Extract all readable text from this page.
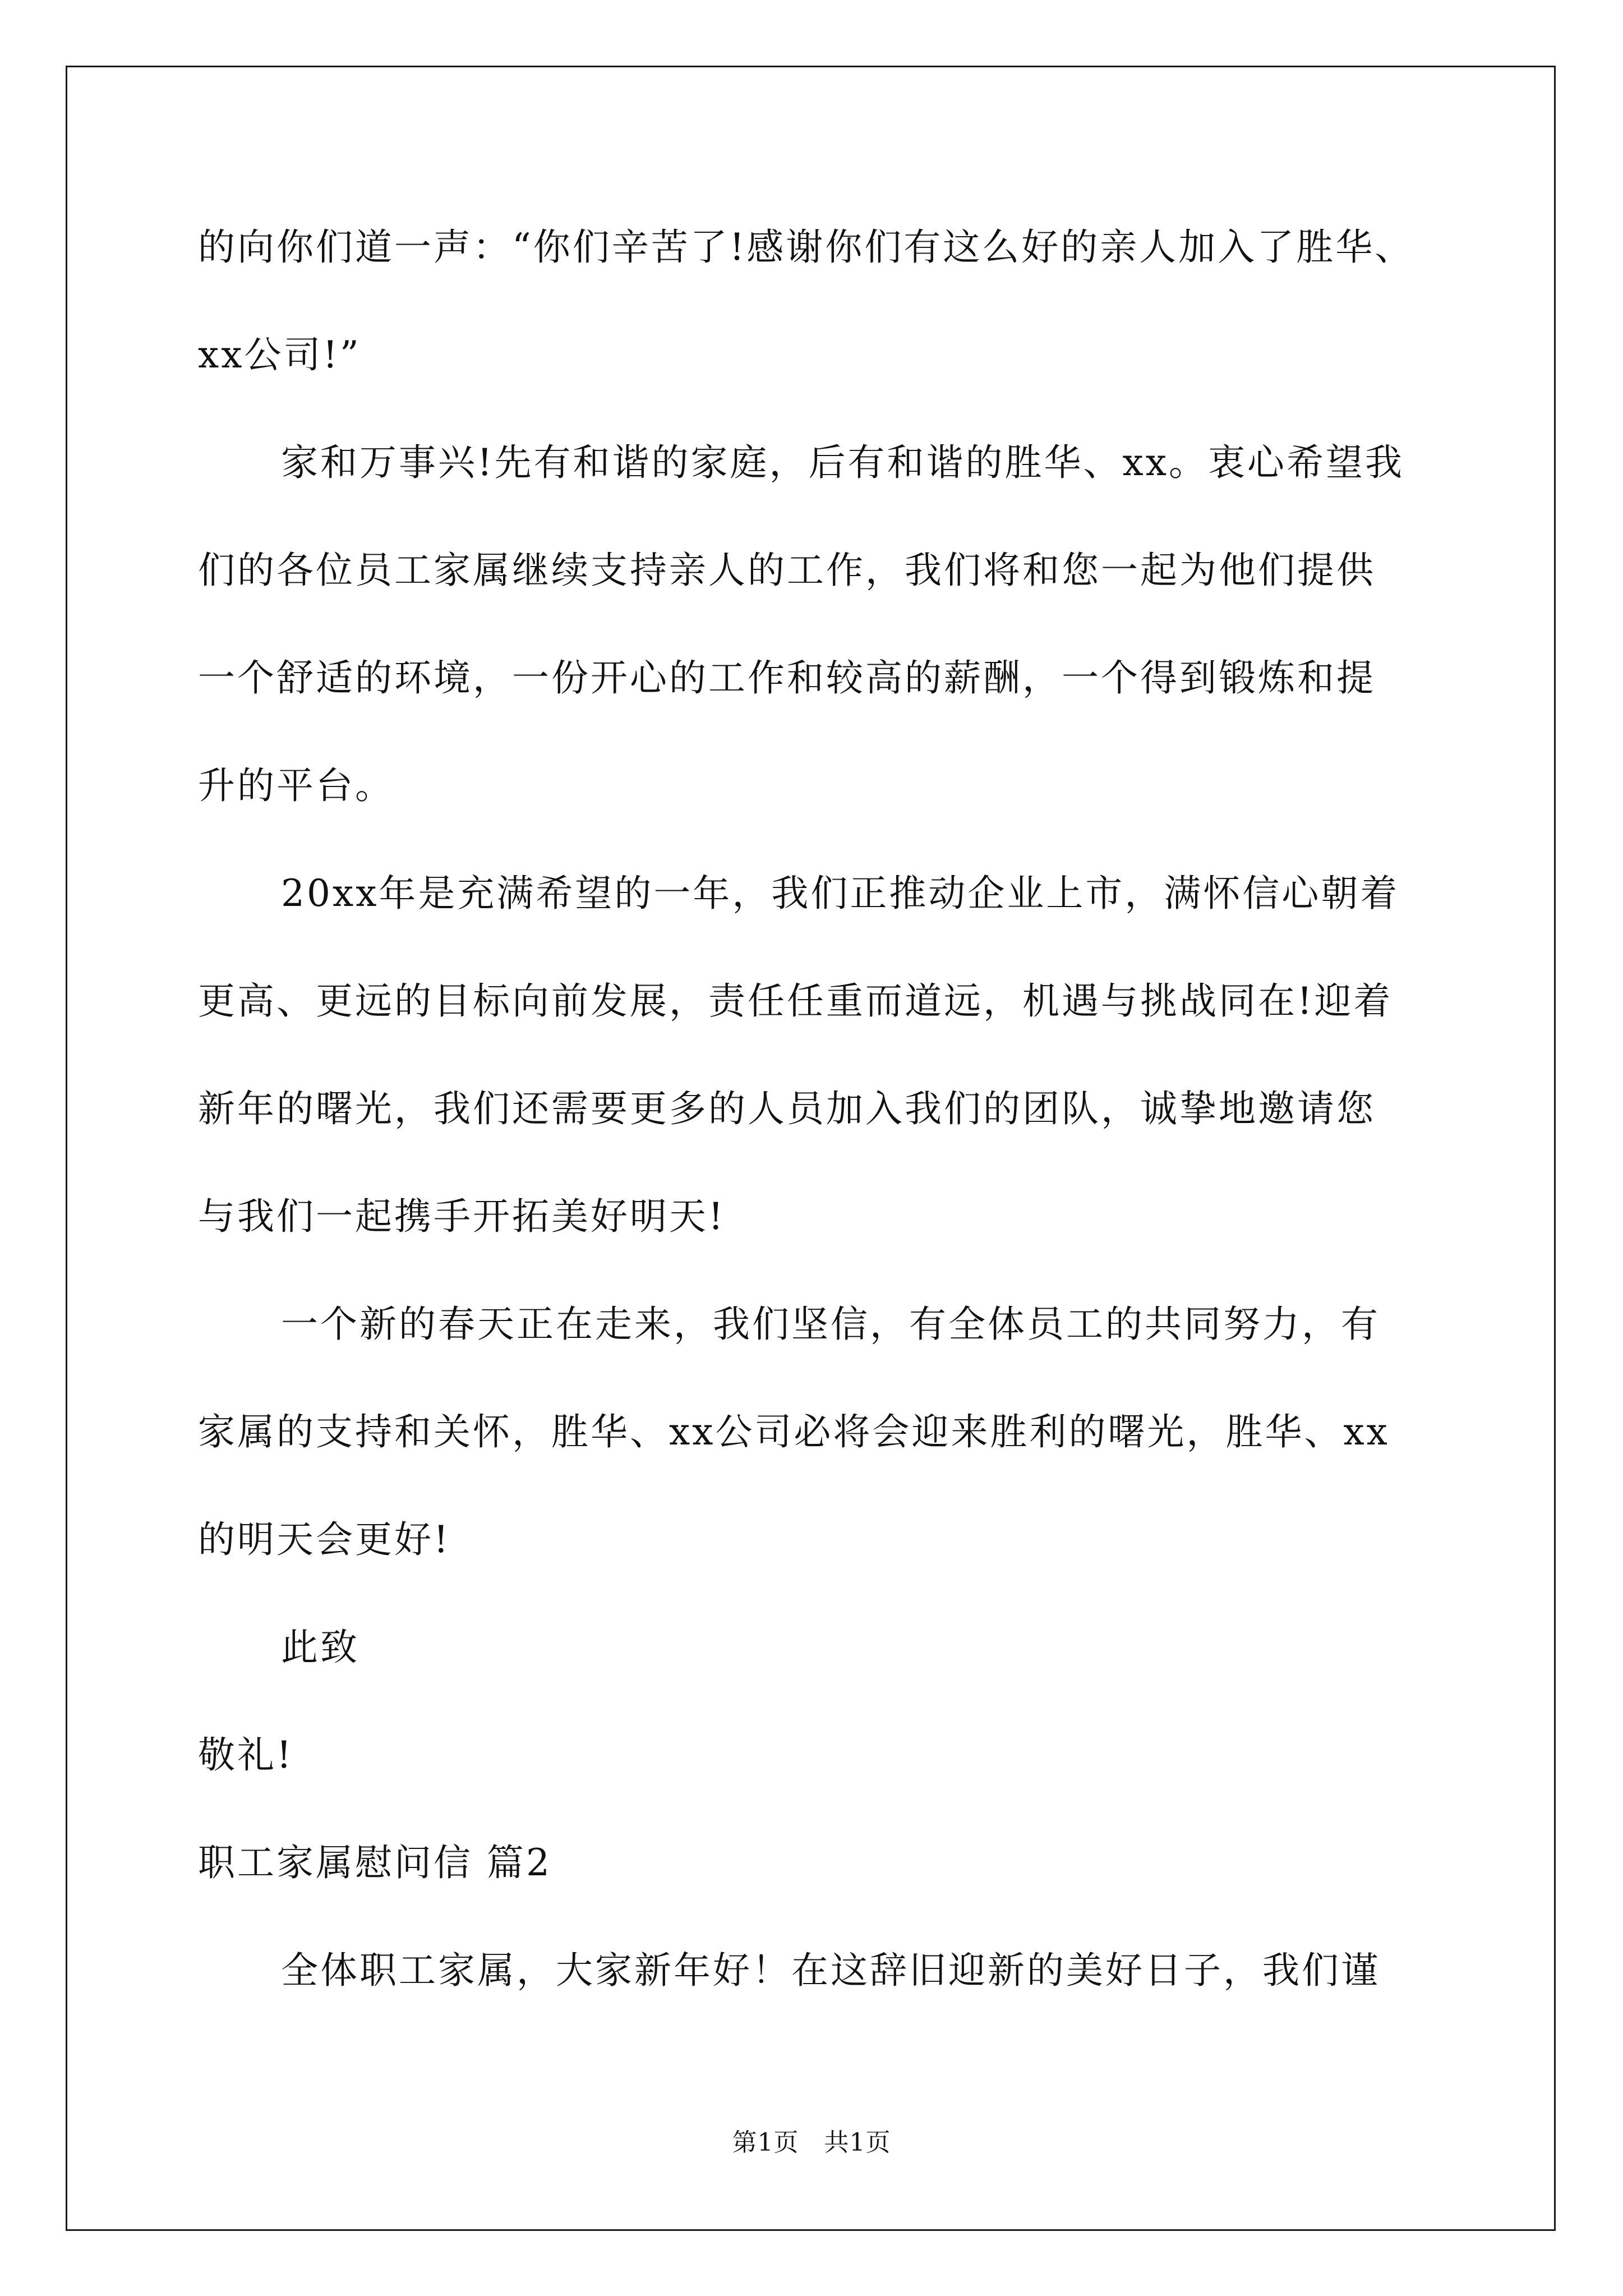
的向你们道一声：“你们辛苦了!感谢你们有这么好的亲人加入了胜华、
xx公司!”
家和万事兴!先有和谐的家庭，后有和谐的胜华、xx。衷心希望我
们的各位员工家属继续支持亲人的工作，我们将和您一起为他们提供
一个舒适的环境，一份开心的工作和较高的薪酬，一个得到锻炼和提
升的平台。
20xx年是充满希望的一年，我们正推动企业上市，满怀信心朝着
更高、更远的目标向前发展，责任任重而道远，机遇与挑战同在!迎着
新年的曙光，我们还需要更多的人员加入我们的团队，诚挚地邀请您
与我们一起携手开拓美好明天!
一个新的春天正在走来，我们坚信，有全体员工的共同努力，有
家属的支持和关怀，胜华、xx公司必将会迎来胜利的曙光，胜华、xx
的明天会更好!
此致
敬礼!
职工家属慰问信 篇2
全体职工家属，大家新年好！在这辞旧迎新的美好日子，我们谨
第1页　共1页
